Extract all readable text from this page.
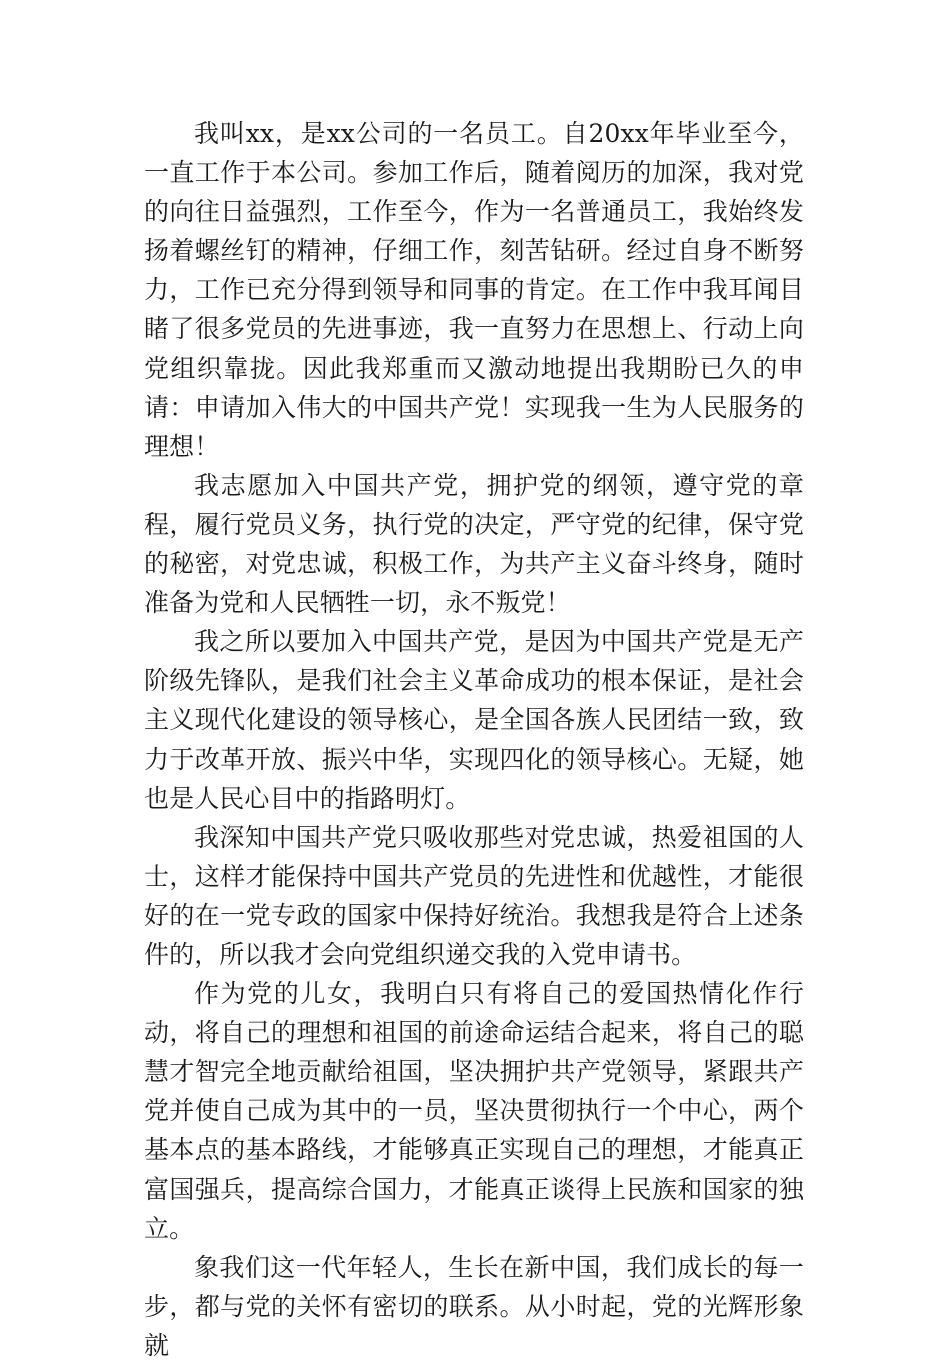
我叫xx，是xx公司的一名员工。自20xx年毕业至今，一直工作于本公司。参加工作后，随着阅历的加深，我对党的向往日益强烈，工作至今，作为一名普通员工，我始终发扬着螺丝钉的精神，仔细工作，刻苦钻研。经过自身不断努力，工作已充分得到领导和同事的肯定。在工作中我耳闻目睹了很多党员的先进事迹，我一直努力在思想上、行动上向党组织靠拢。因此我郑重而又激动地提出我期盼已久的申请：申请加入伟大的中国共产党！实现我一生为人民服务的理想！

我志愿加入中国共产党，拥护党的纲领，遵守党的章程，履行党员义务，执行党的决定，严守党的纪律，保守党的秘密，对党忠诚，积极工作，为共产主义奋斗终身，随时准备为党和人民牺牲一切，永不叛党！

我之所以要加入中国共产党，是因为中国共产党是无产阶级先锋队，是我们社会主义革命成功的根本保证，是社会主义现代化建设的领导核心，是全国各族人民团结一致，致力于改革开放、振兴中华，实现四化的领导核心。无疑，她也是人民心目中的指路明灯。

我深知中国共产党只吸收那些对党忠诚，热爱祖国的人士，这样才能保持中国共产党员的先进性和优越性，才能很好的在一党专政的国家中保持好统治。我想我是符合上述条件的，所以我才会向党组织递交我的入党申请书。

作为党的儿女，我明白只有将自己的爱国热情化作行动，将自己的理想和祖国的前途命运结合起来，将自己的聪慧才智完全地贡献给祖国，坚决拥护共产党领导，紧跟共产党并使自己成为其中的一员，坚决贯彻执行一个中心，两个基本点的基本路线，才能够真正实现自己的理想，才能真正富国强兵，提高综合国力，才能真正谈得上民族和国家的独立。

象我们这一代年轻人，生长在新中国，我们成长的每一步，都与党的关怀有密切的联系。从小时起，党的光辉形象就
